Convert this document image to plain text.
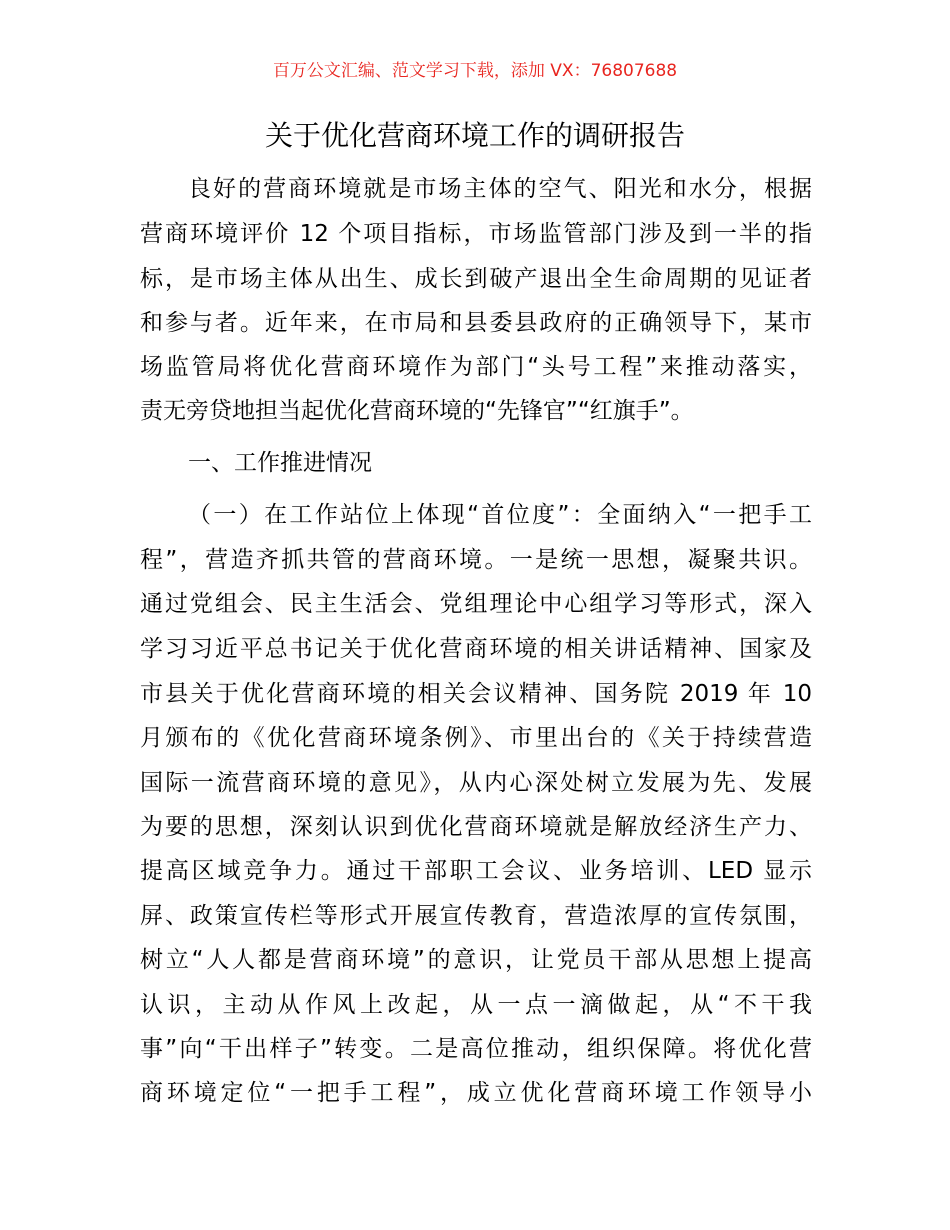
百万公文汇编、范文学习下载，添加 VX：76807688
关于优化营商环境工作的调研报告
良好的营商环境就是市场主体的空气、阳光和水分，根据
营商环境评价 12 个项目指标，市场监管部门涉及到一半的指
标，是市场主体从出生、成长到破产退出全生命周期的见证者
和参与者。近年来，在市局和县委县政府的正确领导下，某市
场监管局将优化营商环境作为部门“头号工程”来推动落实，
责无旁贷地担当起优化营商环境的“先锋官”“红旗手”。
一、工作推进情况
（一）在工作站位上体现“首位度”：全面纳入“一把手工
程”，营造齐抓共管的营商环境。一是统一思想，凝聚共识。
通过党组会、民主生活会、党组理论中心组学习等形式，深入
学习习近平总书记关于优化营商环境的相关讲话精神、国家及
市县关于优化营商环境的相关会议精神、国务院 2019 年 10
月颁布的《优化营商环境条例》、市里出台的《关于持续营造
国际一流营商环境的意见》，从内心深处树立发展为先、发展
为要的思想，深刻认识到优化营商环境就是解放经济生产力、
提高区域竞争力。通过干部职工会议、业务培训、LED 显示
屏、政策宣传栏等形式开展宣传教育，营造浓厚的宣传氛围，
树立“人人都是营商环境”的意识，让党员干部从思想上提高
认识，主动从作风上改起，从一点一滴做起，从“不干我
事”向“干出样子”转变。二是高位推动，组织保障。将优化营
商环境定位“一把手工程”，成立优化营商环境工作领导小
